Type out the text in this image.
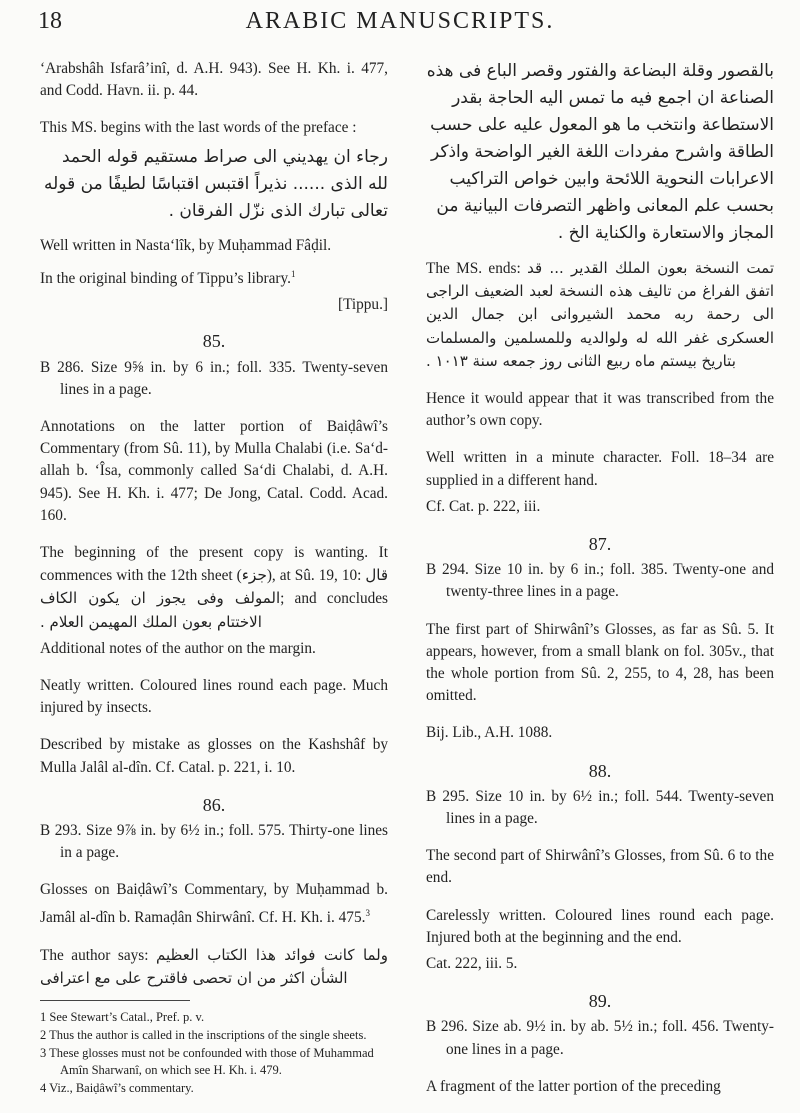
18	ARABIC MANUSCRIPTS.

‘Arabshâh Isfarâ’inî, d. A.H. 943). See H. Kh. i. 477, and Codd. Havn. ii. p. 44.

This MS. begins with the last words of the preface :

رجاء ان يهديني الى صراط مستقيم قوله الحمد لله الذى ...... نذيراً اقتبس اقتباسًا لطيفًا من قوله تعالى تبارك الذى نزّل الفرقان .

Well written in Nasta‘lîk, by Muḥammad Fâḍil.

In the original binding of Tippu’s library.$^1$

[Tippu.]
85.

B 286. Size 9⅝ in. by 6 in.; foll. 335. Twenty-seven lines in a page.

Annotations on the latter portion of Baiḍâwî’s Commentary (from Sû. 11), by Mulla Chalabi (i.e. Sa‘d-allah b. ‘Îsa, commonly called Sa‘di Chalabi, d. A.H. 945). See H. Kh. i. 477; De Jong, Catal. Codd. Acad. 160.

The beginning of the present copy is wanting. It commences with the 12th sheet (جزء), at Sû. 19, 10: قال المولف وفى يجوز ان يكون الكاف; and concludes الاختتام بعون الملك المهيمن العلام .

Additional notes of the author on the margin.

Neatly written. Coloured lines round each page. Much injured by insects.

Described by mistake as glosses on the Kashshâf by Mulla Jalâl al-dîn. Cf. Catal. p. 221, i. 10.

86.

B 293. Size 9⅞ in. by 6½ in.; foll. 575. Thirty-one lines in a page.

Glosses on Baiḍâwî’s Commentary, by Muḥammad b. Jamâl al-dîn b. Ramaḍân Shirwânî. Cf. H. Kh. i. 475.$^3$

The author says: ولما كانت فوائد هذا الكتاب العظيم الشأن اكثر من ان تحصى فاقترح على مع اعترافى

1 See Stewart’s Catal., Pref. p. v.
2 Thus the author is called in the inscriptions of the single sheets.
3 These glosses must not be confounded with those of Muhammad Amîn Sharwanî, on which see H. Kh. i. 479.
4 Viz., Baiḍâwî’s commentary.

بالقصور وقلة البضاعة والفتور وقصر الباع فى هذه الصناعة ان اجمع فيه ما تمس اليه الحاجة بقدر الاستطاعة وانتخب ما هو المعول عليه على حسب الطاقة واشرح مفردات اللغة الغير الواضحة واذكر الاعرابات النحوية اللائحة وابين خواص التراكيب بحسب علم المعانى واظهر التصرفات البيانية من المجاز والاستعارة والكناية الخ .

The MS. ends: تمت النسخة بعون الملك القدير ... قد اتفق الفراغ من تاليف هذه النسخة لعبد الضعيف الراجى الى رحمة ربه محمد الشيروانى ابن جمال الدين العسكرى غفر الله له ولوالديه وللمسلمين والمسلمات بتاريخ بيستم ماه ربيع الثانى روز جمعه سنة ١٠١٣ .

Hence it would appear that it was transcribed from the author’s own copy.

Well written in a minute character. Foll. 18–34 are supplied in a different hand.

Cf. Cat. p. 222, iii.

87.

B 294. Size 10 in. by 6 in.; foll. 385. Twenty-one and twenty-three lines in a page.

The first part of Shirwânî’s Glosses, as far as Sû. 5. It appears, however, from a small blank on fol. 305v., that the whole portion from Sû. 2, 255, to 4, 28, has been omitted.

Bij. Lib., A.H. 1088.

88.

B 295. Size 10 in. by 6½ in.; foll. 544. Twenty-seven lines in a page.

The second part of Shirwânî’s Glosses, from Sû. 6 to the end.

Carelessly written. Coloured lines round each page. Injured both at the beginning and the end.

Cat. 222, iii. 5.

89.

B 296. Size ab. 9½ in. by ab. 5½ in.; foll. 456. Twenty-one lines in a page.

A fragment of the latter portion of the preceding
